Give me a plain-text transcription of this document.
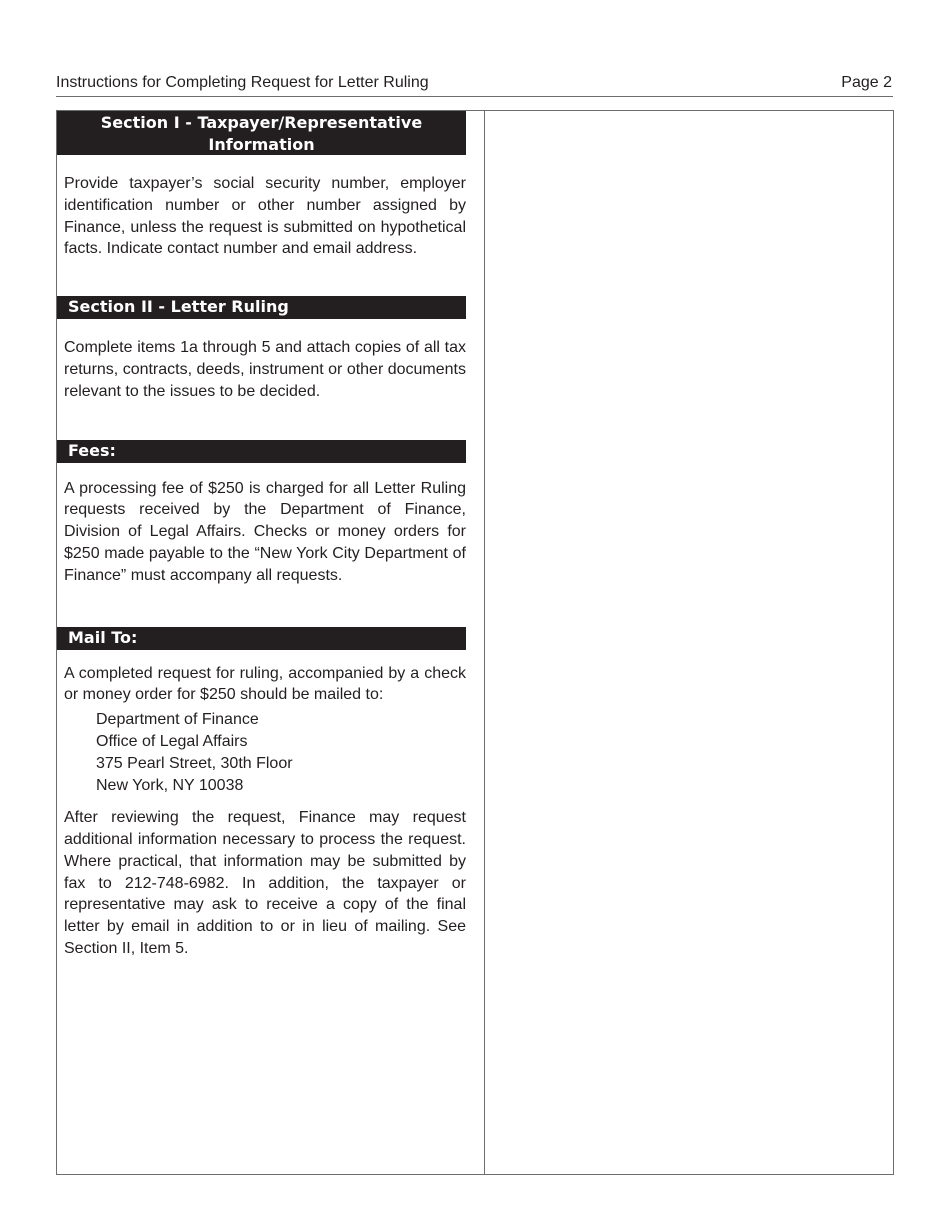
Instructions for Completing Request for Letter Ruling	Page 2
Section I - Taxpayer/Representative Information

Provide taxpayer’s social security number, employer identification number or other number assigned by Finance, unless the request is submitted on hypothetical facts. Indicate contact number and email address.

Section II - Letter Ruling

Complete items 1a through 5 and attach copies of all tax returns, contracts, deeds, instrument or other documents relevant to the issues to be decided.

Fees:

A processing fee of $250 is charged for all Letter Ruling requests received by the Department of Finance, Division of Legal Affairs. Checks or money orders for $250 made payable to the “New York City Department of Finance” must accompany all requests.

Mail To:

A completed request for ruling, accompanied by a check or money order for $250 should be mailed to:

Department of Finance
Office of Legal Affairs
375 Pearl Street, 30th Floor
New York, NY 10038

After reviewing the request, Finance may request additional information necessary to process the request. Where practical, that information may be submitted by fax to 212-748-6982. In addition, the taxpayer or representative may ask to receive a copy of the final letter by email in addition to or in lieu of mailing. See Section II, Item 5.
